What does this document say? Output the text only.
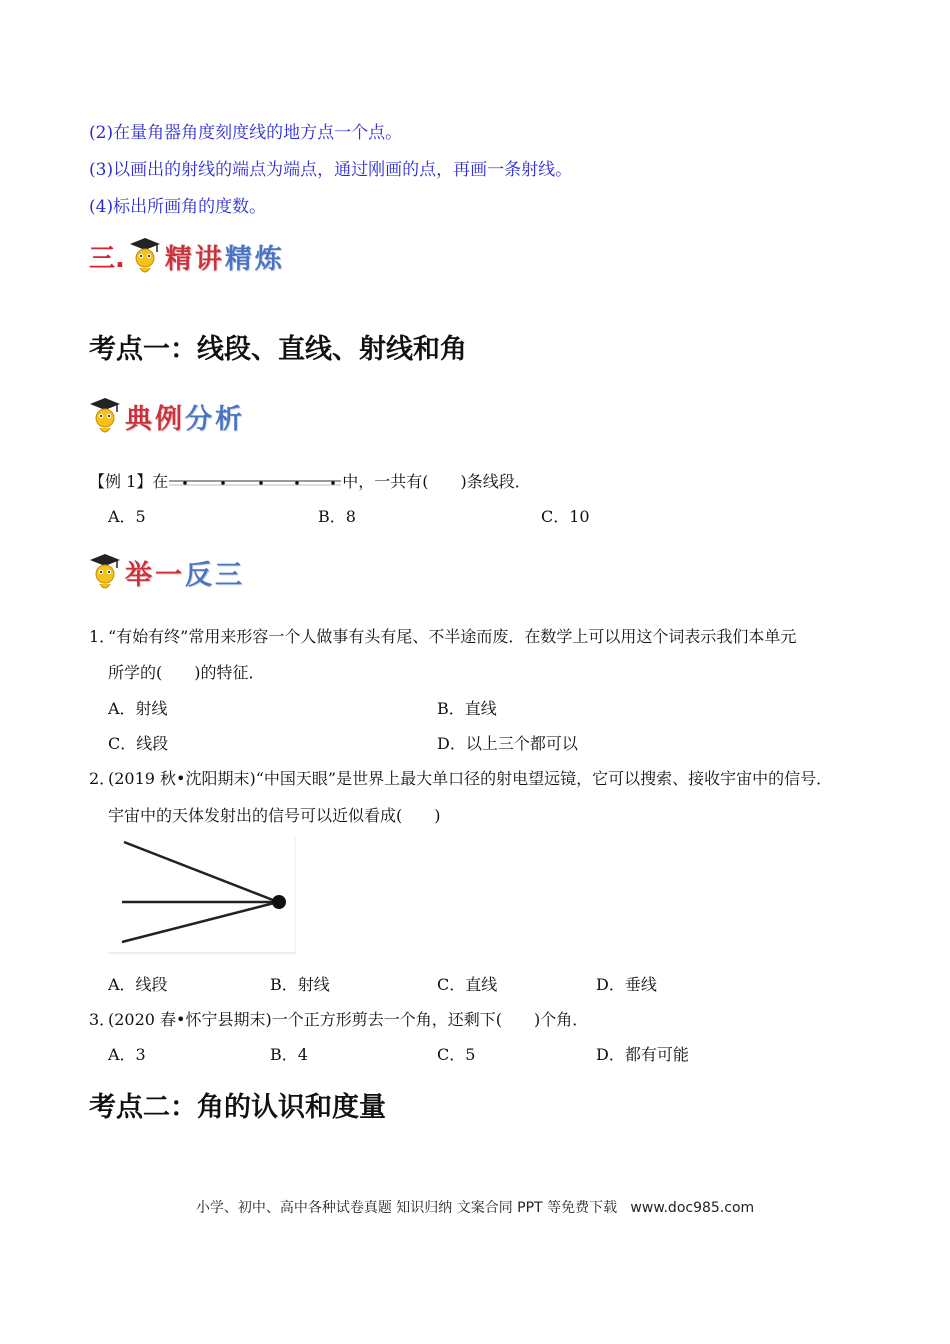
(2)在量角器角度刻度线的地方点一个点。
(3)以画出的射线的端点为端点，通过刚画的点，再画一条射线。
(4)标出所画角的度数。
三. 精讲精炼
考点一：线段、直线、射线和角
典例分析
【例 1】在	中，一共有(　　)条线段．
A．5	B．8	C．10
举一反三
1．
“有始有终”常用来形容一个人做事有头有尾、不半途而废．在数学上可以用这个词表示我们本单元
所学的(　　)的特征．
A．射线	B．直线
C．线段	D．以上三个都可以
2．
(2019 秋•沈阳期末)“中国天眼”是世界上最大单口径的射电望远镜，它可以搜索、接收宇宙中的信号．
宇宙中的天体发射出的信号可以近似看成(　　)
A．线段	B．射线	C．直线	D．垂线
3．
(2020 春•怀宁县期末)一个正方形剪去一个角，还剩下(　　)个角．
A．3	B．4	C．5	D．都有可能
考点二：角的认识和度量
小学、初中、高中各种试卷真题 知识归纳 文案合同 PPT 等免费下载   www.doc985.com
